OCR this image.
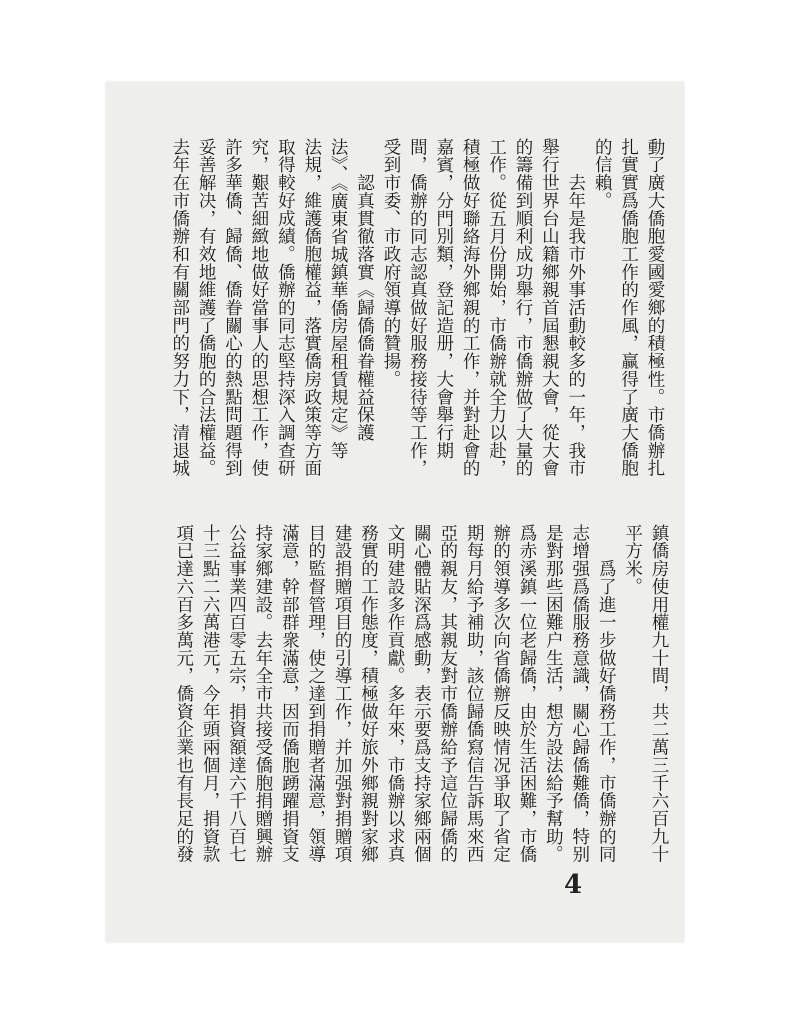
動了廣大僑胞愛國愛鄉的積極性。市僑辦扎
扎實實爲僑胞工作的作風，赢得了廣大僑胞
的信賴。
　　去年是我市外事活動較多的一年，我市
舉行世界台山籍鄉親首屆懇親大會，從大會
的籌備到順利成功舉行，市僑辦做了大量的
工作。從五月份開始，市僑辦就全力以赴，
積極做好聯絡海外鄉親的工作，并對赴會的
嘉賓，分門別類，登記造册，大會舉行期
間，僑辦的同志認真做好服務接待等工作，
受到市委、市政府領導的贊揚。
　　認真貫徹落實《歸僑僑眷權益保護
法》、《廣東省城鎮華僑房屋租賃規定》等
法規，維護僑胞權益，落實僑房政策等方面
取得較好成績。僑辦的同志堅持深入調查研
究，艱苦細緻地做好當事人的思想工作，使
許多華僑、歸僑、僑眷關心的熱點問題得到
妥善解决，有效地維護了僑胞的合法權益。
去年在市僑辦和有關部門的努力下，清退城
鎮僑房使用權九十間，共二萬三千六百九十
平方米。
　　爲了進一步做好僑務工作，市僑辦的同
志增强爲僑服務意識，關心歸僑難僑，特别
是對那些困難户生活，想方設法給予幫助。
爲赤溪鎮一位老歸僑，由於生活困難，市僑
辦的領導多次向省僑辦反映情况爭取了省定
期每月給予補助，該位歸僑寫信告訴馬來西
亞的親友，其親友對市僑辦給予這位歸僑的
關心體貼深爲感動，表示要爲支持家鄉兩個
文明建設多作貢獻。多年來，市僑辦以求真
務實的工作態度，積極做好旅外鄉親對家鄉
建設捐贈項目的引導工作，并加强對捐贈項
目的監督管理，使之達到捐贈者滿意，領導
滿意，幹部群衆滿意，因而僑胞踴躍捐資支
持家鄉建設。去年全市共接受僑胞捐贈興辦
公益事業四百零五宗，捐資額達六千八百七
十三點二六萬港元，今年頭兩個月，捐資款
項已達六百多萬元，僑資企業也有長足的發
4
